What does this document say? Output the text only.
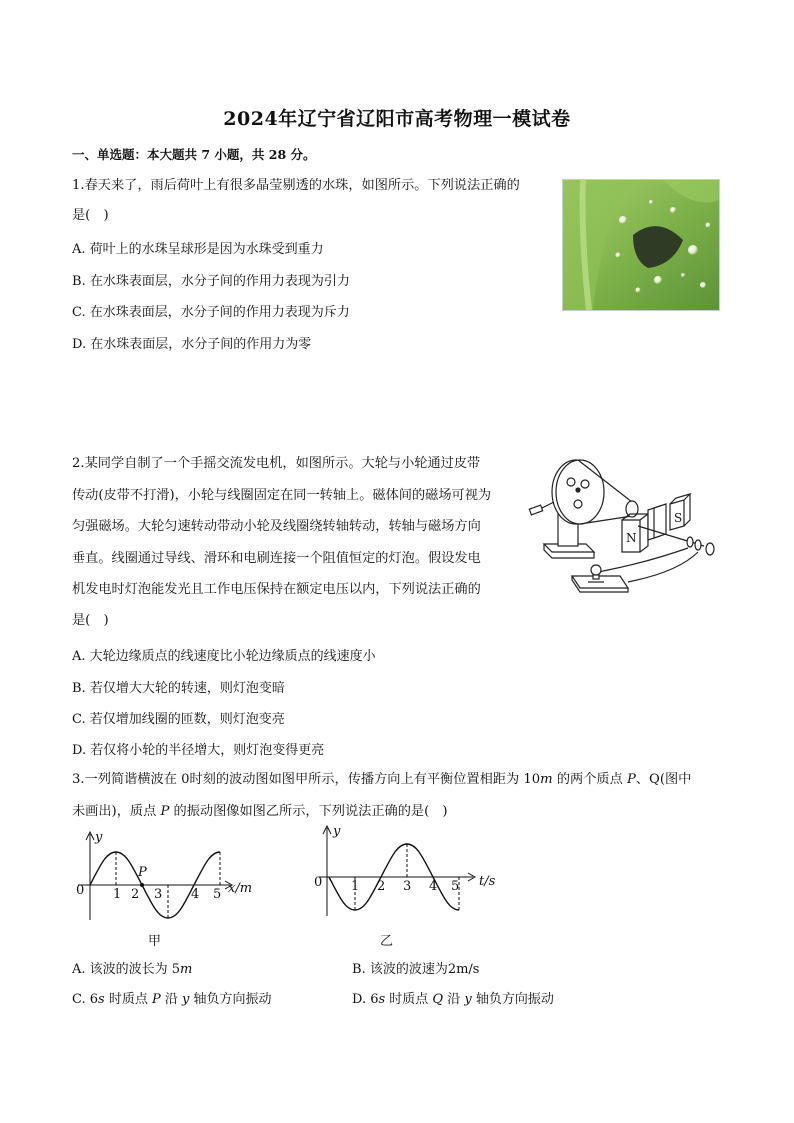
2024年辽宁省辽阳市高考物理一模试卷
一、单选题：本大题共 7 小题，共 28 分。
1.春天来了，雨后荷叶上有很多晶莹剔透的水珠，如图所示。下列说法正确的
是(　)
A. 荷叶上的水珠呈球形是因为水珠受到重力
B. 在水珠表面层，水分子间的作用力表现为引力
C. 在水珠表面层，水分子间的作用力表现为斥力
D. 在水珠表面层，水分子间的作用力为零
2.某同学自制了一个手摇交流发电机，如图所示。大轮与小轮通过皮带
传动(皮带不打滑)，小轮与线圈固定在同一转轴上。磁体间的磁场可视为
匀强磁场。大轮匀速转动带动小轮及线圈绕转轴转动，转轴与磁场方向
垂直。线圈通过导线、滑环和电刷连接一个阻值恒定的灯泡。假设发电
机发电时灯泡能发光且工作电压保持在额定电压以内，下列说法正确的
是(　)
A. 大轮边缘质点的线速度比小轮边缘质点的线速度小
B. 若仅增大大轮的转速，则灯泡变暗
C. 若仅增加线圈的匝数，则灯泡变亮
D. 若仅将小轮的半径增大，则灯泡变得更亮
N
S
3.一列简谐横波在 0时刻的波动图如图甲所示，传播方向上有平衡位置相距为 10𝑚 的两个质点 𝑃、Q(图中
未画出)，质点 𝑃 的振动图像如图乙所示，下列说法正确的是(　)
y
0
P
1 2 3 4 5 x/m
甲
y
0 1 2 3 4 5 t/s
乙
A. 该波的波长为 5𝑚	B. 该波的波速为2m/s
C. 6𝑠 时质点 𝑃 沿 𝑦 轴负方向振动	D. 6𝑠 时质点 𝑄 沿 𝑦 轴负方向振动
